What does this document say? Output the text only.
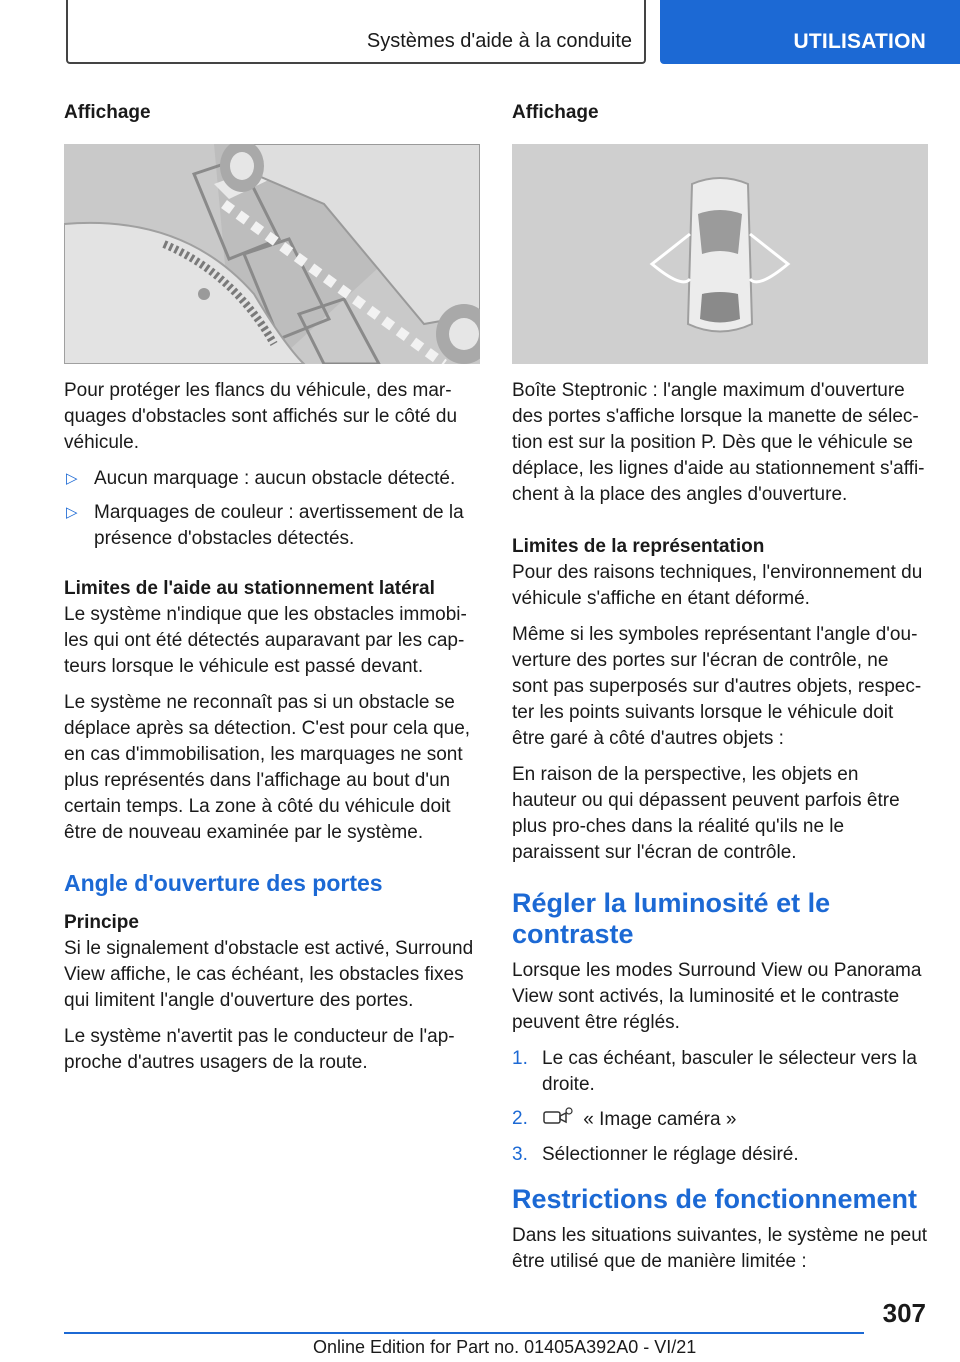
Systèmes d'aide à la conduite	UTILISATION

Affichage

Pour protéger les flancs du véhicule, des mar-quages d'obstacles sont affichés sur le côté du véhicule.

▷ Aucun marquage : aucun obstacle détecté.
▷ Marquages de couleur : avertissement de la présence d'obstacles détectés.

Limites de l'aide au stationnement latéral

Le système n'indique que les obstacles immobi-les qui ont été détectés auparavant par les cap-teurs lorsque le véhicule est passé devant.

Le système ne reconnaît pas si un obstacle se déplace après sa détection. C'est pour cela que, en cas d'immobilisation, les marquages ne sont plus représentés dans l'affichage au bout d'un certain temps. La zone à côté du véhicule doit être de nouveau examinée par le système.

Angle d'ouverture des portes

Principe

Si le signalement d'obstacle est activé, Surround View affiche, le cas échéant, les obstacles fixes qui limitent l'angle d'ouverture des portes.

Le système n'avertit pas le conducteur de l'ap-proche d'autres usagers de la route.

Affichage

Boîte Steptronic : l'angle maximum d'ouverture des portes s'affiche lorsque la manette de sélec-tion est sur la position P. Dès que le véhicule se déplace, les lignes d'aide au stationnement s'affi-chent à la place des angles d'ouverture.

Limites de la représentation

Pour des raisons techniques, l'environnement du véhicule s'affiche en étant déformé.

Même si les symboles représentant l'angle d'ou-verture des portes sur l'écran de contrôle, ne sont pas superposés sur d'autres objets, respec-ter les points suivants lorsque le véhicule doit être garé à côté d'autres objets :

En raison de la perspective, les objets en hauteur ou qui dépassent peuvent parfois être plus pro-ches dans la réalité qu'ils ne le paraissent sur l'écran de contrôle.

Régler la luminosité et le contraste

Lorsque les modes Surround View ou Panorama View sont activés, la luminosité et le contraste peuvent être réglés.

1. Le cas échéant, basculer le sélecteur vers la droite.
2.	« Image caméra »
3. Sélectionner le réglage désiré.

Restrictions de fonctionnement

Dans les situations suivantes, le système ne peut être utilisé que de manière limitée :

307
Online Edition for Part no. 01405A392A0 - VI/21
